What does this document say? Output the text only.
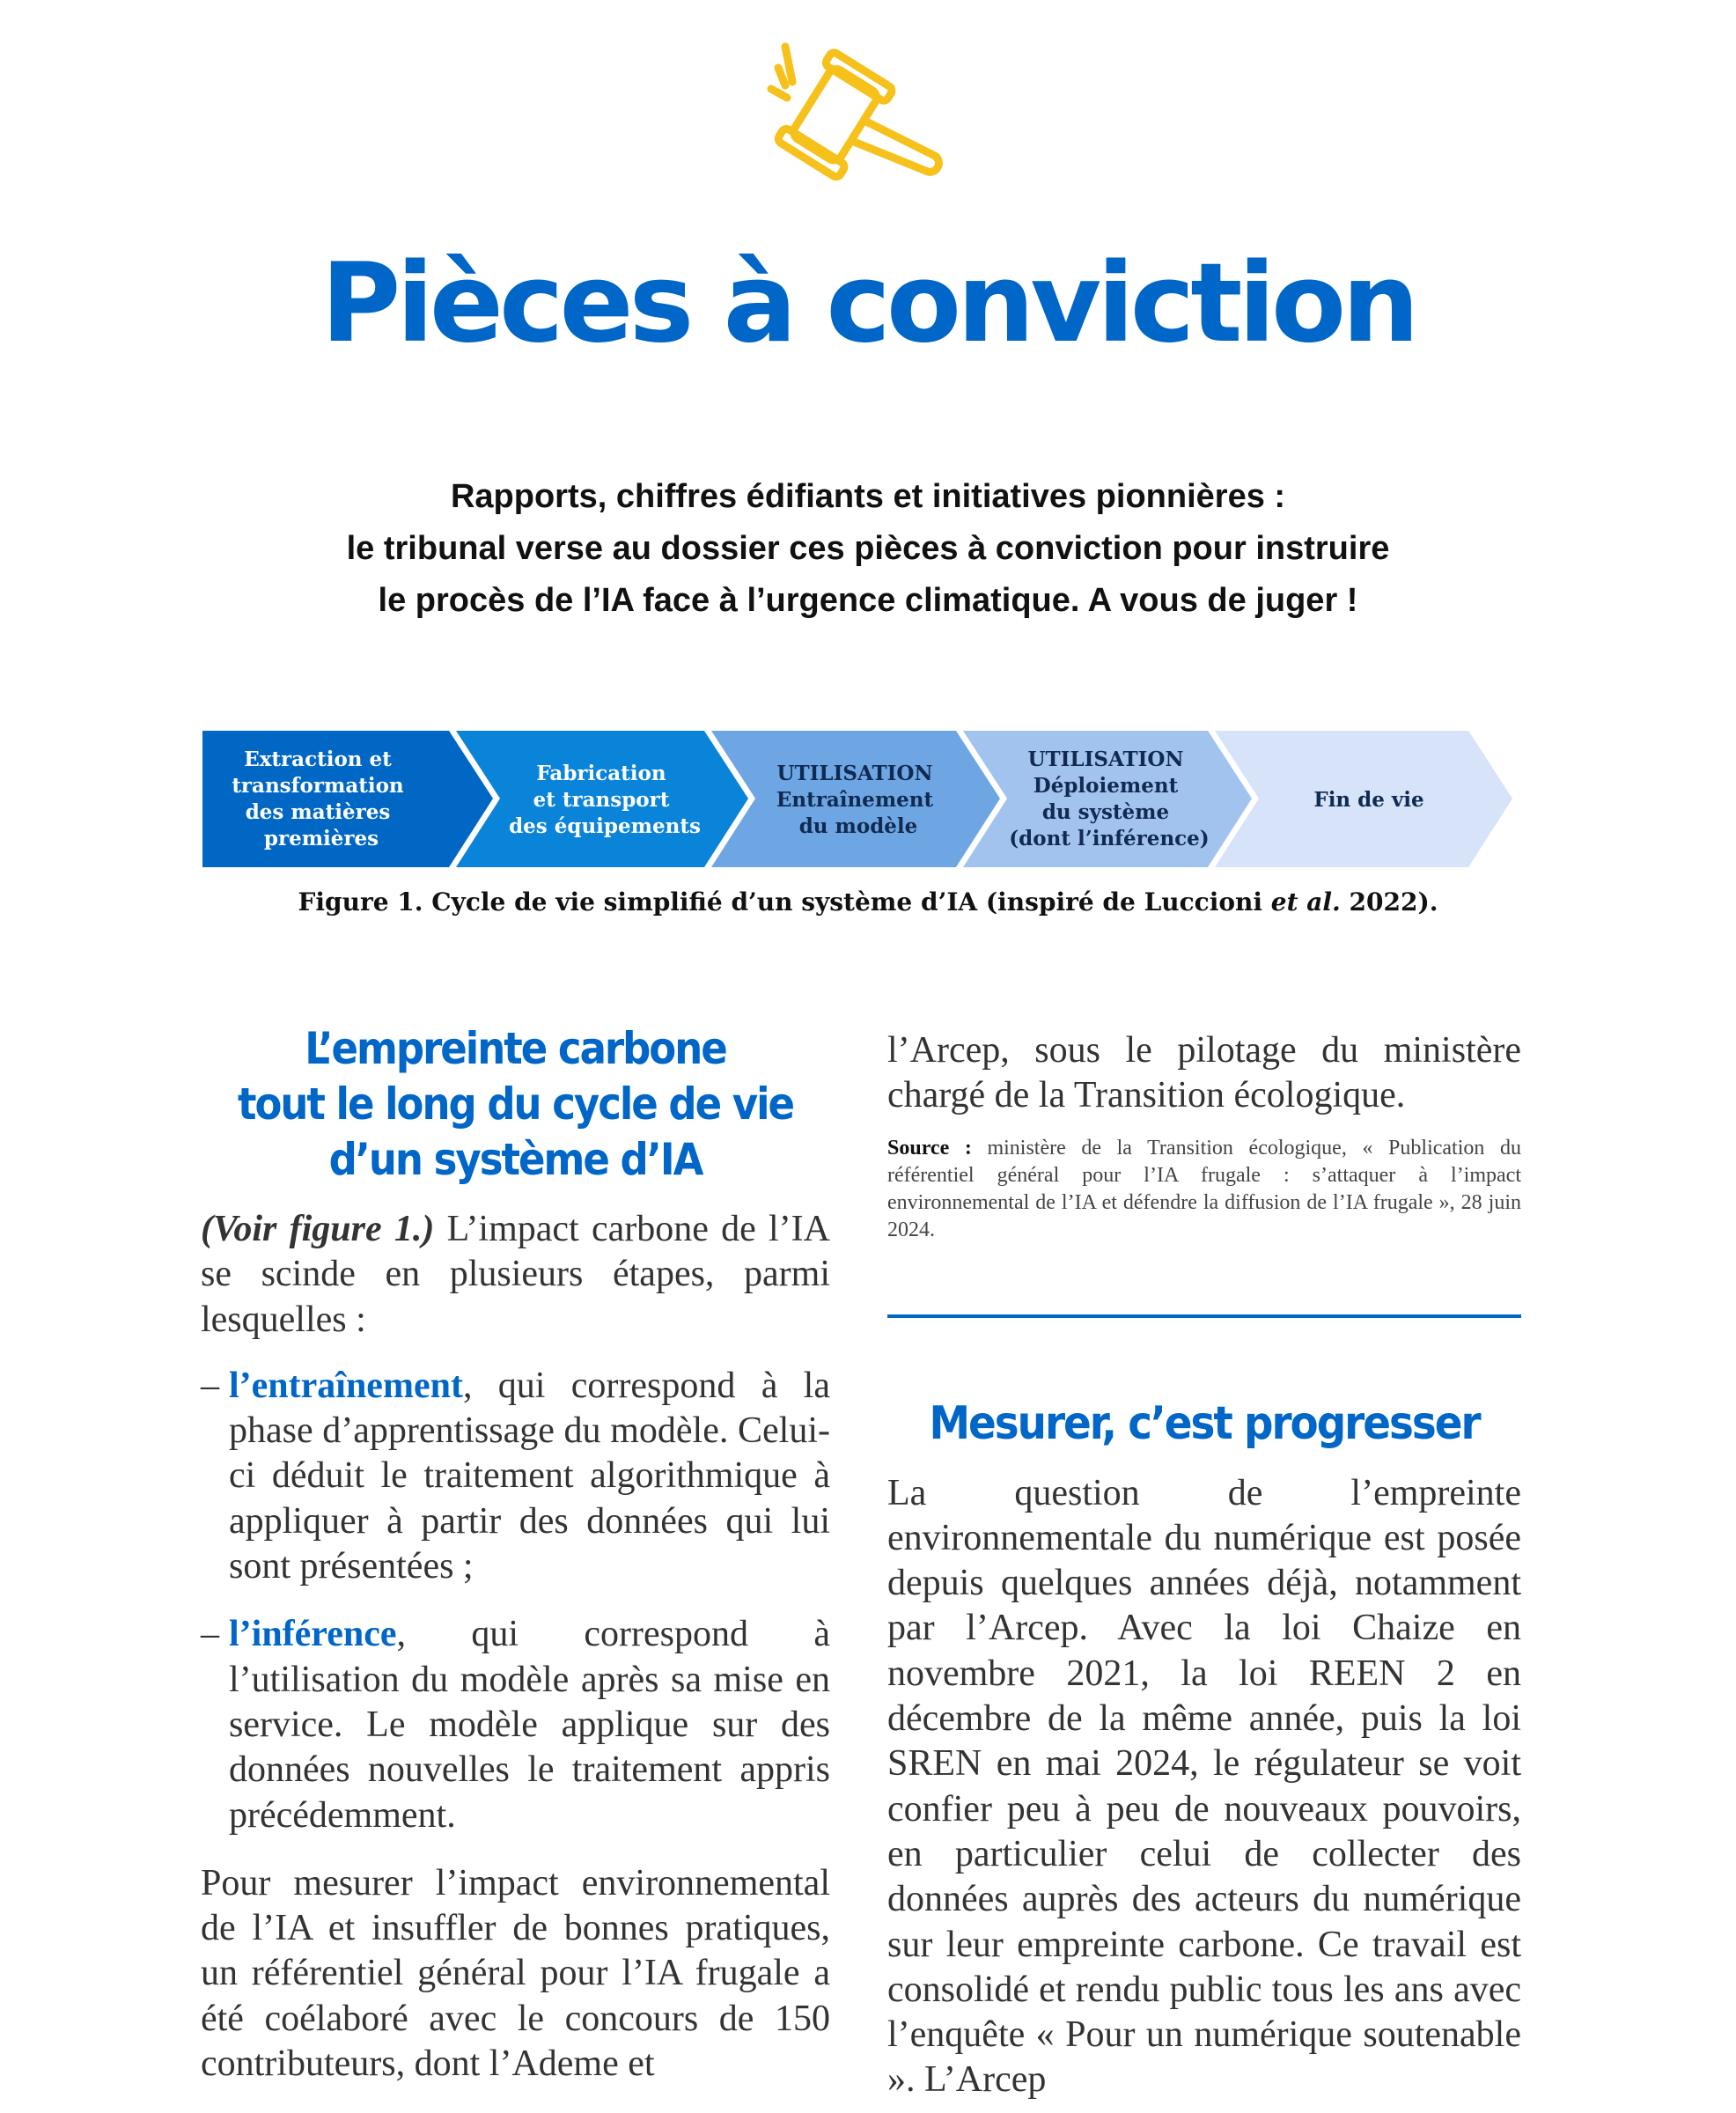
Pièces à conviction
Rapports, chiffres édifiants et initiatives pionnières :
le tribunal verse au dossier ces pièces à conviction pour instruire
le procès de l’IA face à l’urgence climatique. A vous de juger !
Extraction et transformation des matières premières
Fabrication et transport des équipements
UTILISATION Entraînement du modèle
UTILISATION Déploiement du système (dont l’inférence)
Fin de vie
Figure 1. Cycle de vie simplifié d’un système d’IA (inspiré de Luccioni et al. 2022).
L’empreinte carbone
tout le long du cycle de vie
d’un système d’IA

(Voir figure 1.) L’impact carbone de l’IA se scinde en plusieurs étapes, parmi lesquelles :

– l’entraînement, qui correspond à la phase d’apprentissage du modèle. Celui-ci déduit le traitement algorithmique à appliquer à partir des données qui lui sont présentées ;
– l’inférence, qui correspond à l’utilisation du modèle après sa mise en service. Le modèle applique sur des données nouvelles le traitement appris précédemment.

Pour mesurer l’impact environnemental de l’IA et insuffler de bonnes pratiques, un référentiel général pour l’IA frugale a été coélaboré avec le concours de 150 contributeurs, dont l’Ademe et

l’Arcep, sous le pilotage du ministère chargé de la Transition écologique.

Source : ministère de la Transition écologique, « Publication du référentiel général pour l’IA frugale : s’attaquer à l’impact environnemental de l’IA et défendre la diffusion de l’IA frugale », 28 juin 2024.

Mesurer, c’est progresser

La question de l’empreinte environnementale du numérique est posée depuis quelques années déjà, notamment par l’Arcep. Avec la loi Chaize en novembre 2021, la loi REEN 2 en décembre de la même année, puis la loi SREN en mai 2024, le régulateur se voit confier peu à peu de nouveaux pouvoirs, en particulier celui de collecter des données auprès des acteurs du numérique sur leur empreinte carbone. Ce travail est consolidé et rendu public tous les ans avec l’enquête « Pour un numérique soutenable ». L’Arcep
